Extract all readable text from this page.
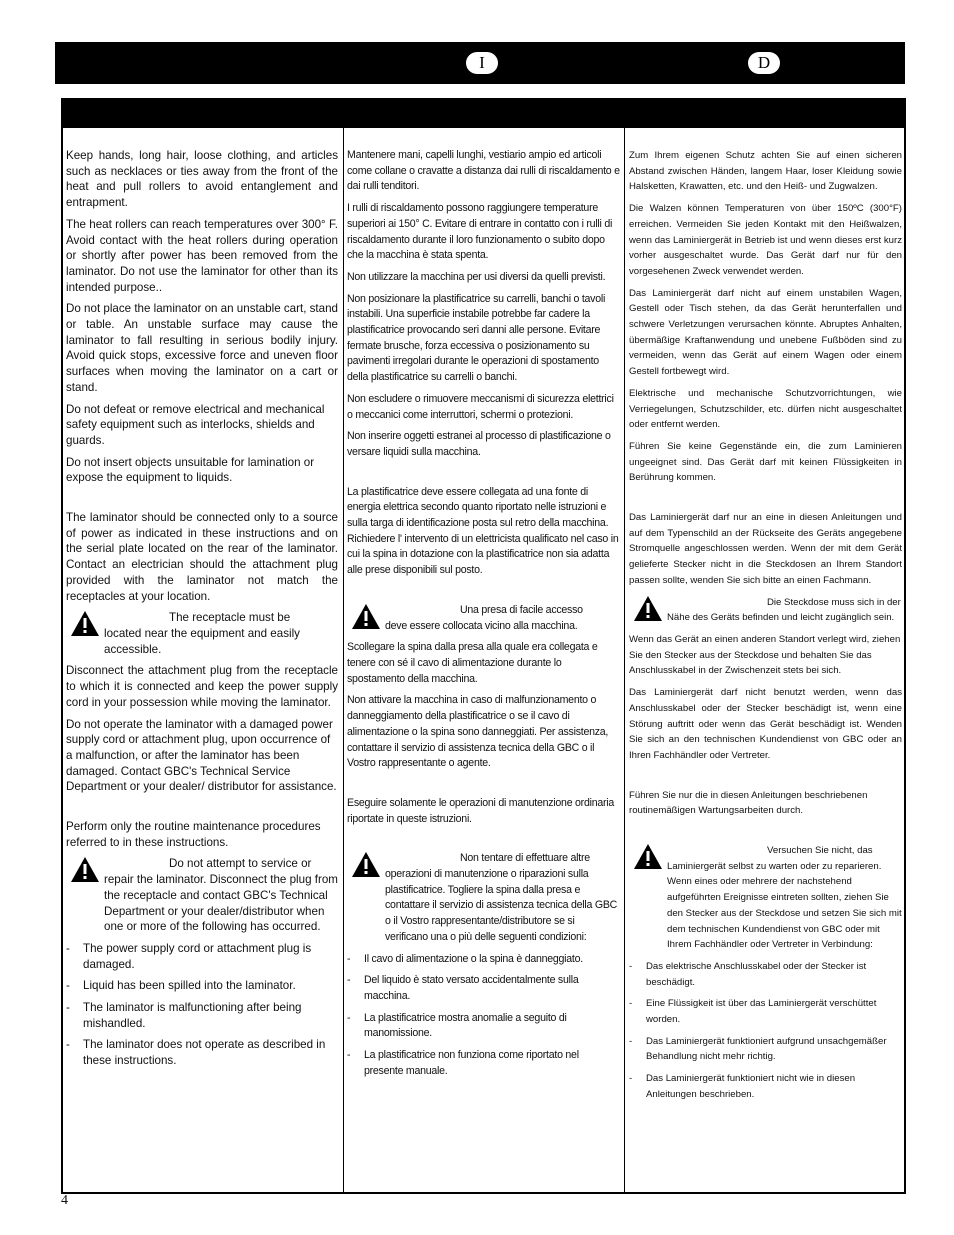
I	D

Keep hands, long hair, loose clothing, and articles such as necklaces or ties away from the front of the heat and pull rollers to avoid entanglement and entrapment.

The heat rollers can reach temperatures over 300° F. Avoid contact with the heat rollers during operation or shortly after power has been removed from the laminator. Do not use the laminator for other than its intended purpose..

Do not place the laminator on an unstable cart, stand or table. An unstable surface may cause the laminator to fall resulting in serious bodily injury. Avoid quick stops, excessive force and uneven floor surfaces when moving the laminator on a cart or stand.

Do not defeat or remove electrical and mechanical safety equipment such as interlocks, shields and guards.

Do not insert objects unsuitable for lamination or expose the equipment to liquids.

The laminator should be connected only to a source of power as indicated in these instructions and on the serial plate located on the rear of the laminator. Contact an electrician should the attachment plug provided with the laminator not match the receptacles at your location.

The receptacle must be
located near the equipment and easily accessible.

Disconnect the attachment plug from the receptacle to which it is connected and keep the power supply cord in your possession while moving the laminator.

Do not operate the laminator with a damaged power supply cord or attachment plug, upon occurrence of a malfunction, or after the laminator has been damaged. Contact GBC's Technical Service Department or your dealer/ distributor for assistance.

Perform only the routine maintenance procedures referred to in these instructions.

Do not attempt to service or
repair the laminator. Disconnect the plug from the receptacle and contact GBC's Technical Department or your dealer/distributor when one or more of the following has occurred.
- The power supply cord or attachment plug is damaged.
- Liquid has been spilled into the laminator.
- The laminator is malfunctioning after being mishandled.
- The laminator does not operate as described in these instructions.

Mantenere mani, capelli lunghi, vestiario ampio ed articoli come collane o cravatte a distanza dai rulli di riscaldamento e dai rulli tenditori.

I rulli di riscaldamento possono raggiungere temperature superiori ai 150° C. Evitare di entrare in contatto con i rulli di riscaldamento durante il loro funzionamento o subito dopo che la macchina è stata spenta.

Non utilizzare la macchina per usi diversi da quelli previsti.

Non posizionare la plastificatrice su carrelli, banchi o tavoli instabili. Una superficie instabile potrebbe far cadere la plastificatrice provocando seri danni alle persone. Evitare fermate brusche, forza eccessiva o posizionamento su pavimenti irregolari durante le operazioni di spostamento della plastificatrice su carrelli o banchi.

Non escludere o rimuovere meccanismi di sicurezza elettrici o meccanici come interruttori, schermi o protezioni.

Non inserire oggetti estranei al processo di plastificazione o versare liquidi sulla macchina.

La plastificatrice deve essere collegata ad una fonte di energia elettrica secondo quanto riportato nelle istruzioni e sulla targa di identificazione posta sul retro della macchina. Richiedere l' intervento di un elettricista qualificato nel caso in cui la spina in dotazione con la plastificatrice non sia adatta alle prese disponibili sul posto.

Una presa di facile accesso
deve essere collocata vicino alla macchina.

Scollegare la spina dalla presa alla quale era collegata e tenere con sé il cavo di alimentazione durante lo spostamento della macchina.

Non attivare la macchina in caso di malfunzionamento o danneggiamento della plastificatrice o se il cavo di alimentazione o la spina sono danneggiati. Per assistenza, contattare il servizio di assistenza tecnica della GBC o il Vostro rappresentante o agente.

Eseguire solamente le operazioni di manutenzione ordinaria riportate in queste istruzioni.

Non tentare di effettuare altre
operazioni di manutenzione o riparazioni sulla plastificatrice. Togliere la spina dalla presa e contattare il servizio di assistenza tecnica della GBC o il Vostro rappresentante/distributore se si verificano una o più delle seguenti condizioni:
- Il cavo di alimentazione o la spina è danneggiato.
- Del liquido è stato versato accidentalmente sulla macchina.
- La plastificatrice mostra anomalie a seguito di manomissione.
- La plastificatrice non funziona come riportato nel presente manuale.

Zum Ihrem eigenen Schutz achten Sie auf einen sicheren Abstand zwischen Händen, langem Haar, loser Kleidung sowie Halsketten, Krawatten, etc. und den Heiß- und Zugwalzen.

Die Walzen können Temperaturen von über 150ºC (300°F) erreichen. Vermeiden Sie jeden Kontakt mit den Heißwalzen, wenn das Laminiergerät in Betrieb ist und wenn dieses erst kurz vorher ausgeschaltet wurde. Das Gerät darf nur für den vorgesehenen Zweck verwendet werden.

Das Laminiergerät darf nicht auf einem unstabilen Wagen, Gestell oder Tisch stehen, da das Gerät herunterfallen und schwere Verletzungen verursachen könnte. Abruptes Anhalten, übermäßige Kraftanwendung und unebene Fußböden sind zu vermeiden, wenn das Gerät auf einem Wagen oder einem Gestell fortbewegt wird.

Elektrische und mechanische Schutzvorrichtungen, wie Verriegelungen, Schutzschilder, etc. dürfen nicht ausgeschaltet oder entfernt werden.

Führen Sie keine Gegenstände ein, die zum Laminieren ungeeignet sind. Das Gerät darf mit keinen Flüssigkeiten in Berührung kommen.

Das Laminiergerät darf nur an eine in diesen Anleitungen und auf dem Typenschild an der Rückseite des Geräts angegebene Stromquelle angeschlossen werden. Wenn der mit dem Gerät gelieferte Stecker nicht in die Steckdosen an Ihrem Standort passen sollte, wenden Sie sich bitte an einen Fachmann.

Die Steckdose muss sich in der
Nähe des Geräts befinden und leicht zugänglich sein.

Wenn das Gerät an einen anderen Standort verlegt wird, ziehen Sie den Stecker aus der Steckdose und behalten Sie das Anschlusskabel in der Zwischenzeit stets bei sich.

Das Laminiergerät darf nicht benutzt werden, wenn das Anschlusskabel oder der Stecker beschädigt ist, wenn eine Störung auftritt oder wenn das Gerät beschädigt ist. Wenden Sie sich an den technischen Kundendienst von GBC oder an Ihren Fachhändler oder Vertreter.

Führen Sie nur die in diesen Anleitungen beschriebenen routinemäßigen Wartungsarbeiten durch.

Versuchen Sie nicht, das
Laminiergerät selbst zu warten oder zu reparieren. Wenn eines oder mehrere der nachstehend aufgeführten Ereignisse eintreten sollten, ziehen Sie den Stecker aus der Steckdose und setzen Sie sich mit dem technischen Kundendienst von GBC oder mit Ihrem Fachhändler oder Vertreter in Verbindung:
- Das elektrische Anschlusskabel oder der Stecker ist beschädigt.
- Eine Flüssigkeit ist über das Laminiergerät verschüttet worden.
- Das Laminiergerät funktioniert aufgrund unsachgemäßer Behandlung nicht mehr richtig.
- Das Laminiergerät funktioniert nicht wie in diesen Anleitungen beschrieben.
4
